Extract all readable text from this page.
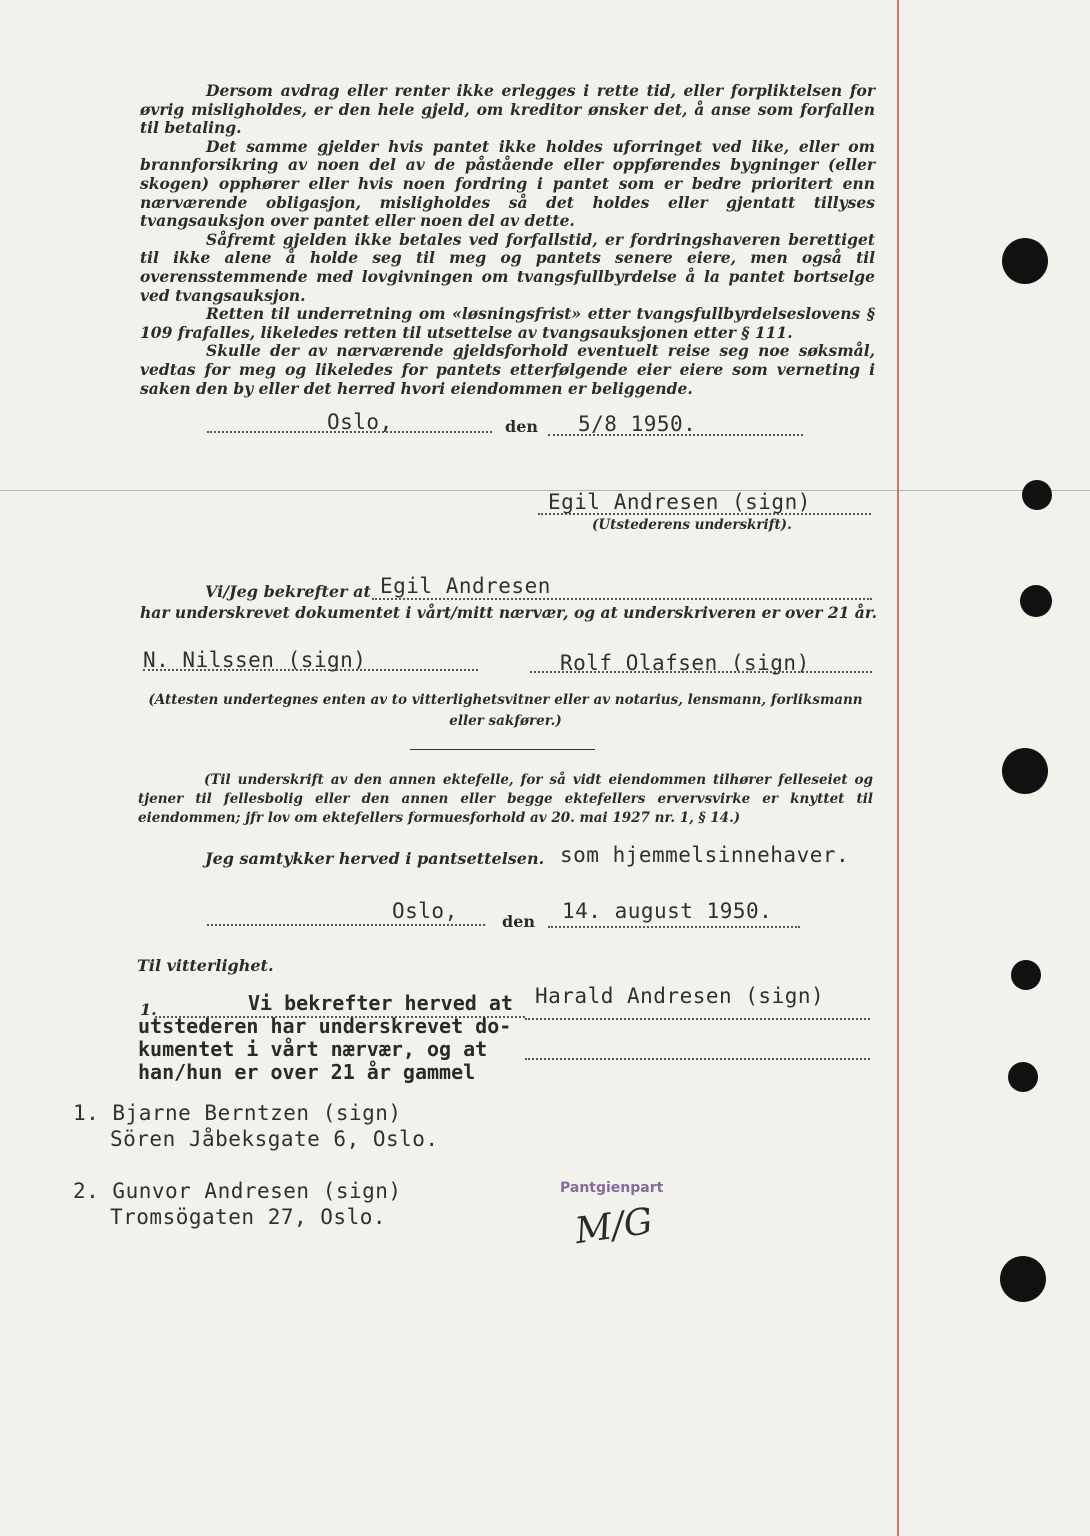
Dersom avdrag eller renter ikke erlegges i rette tid, eller forpliktelsen for øvrig misligholdes, er den hele gjeld, om kreditor ønsker det, å anse som forfallen til betaling.

Det samme gjelder hvis pantet ikke holdes uforringet ved like, eller om brannforsikring av noen del av de påstående eller oppførendes bygninger (eller skogen) opphører eller hvis noen fordring i pantet som er bedre prioritert enn nærværende obligasjon, misligholdes så det holdes eller gjentatt tillyses tvangsauksjon over pantet eller noen del av dette.

Såfremt gjelden ikke betales ved forfallstid, er fordringshaveren berettiget til ikke alene å holde seg til meg og pantets senere eiere, men også til overensstemmende med lovgivningen om tvangsfullbyrdelse å la pantet bortselge ved tvangsauksjon.

Retten til underretning om «løsningsfrist» etter tvangsfullbyrdelseslovens § 109 frafalles, likeledes retten til utsettelse av tvangsauksjonen etter § 111.

Skulle der av nærværende gjeldsforhold eventuelt reise seg noe søksmål, vedtas for meg og likeledes for pantets etterfølgende eier eiere som verneting i saken den by eller det herred hvori eiendommen er beliggende.

Oslo,	den 5/8 1950.
Egil Andresen (sign)
(Utstederens underskrift).
Vi/Jeg bekrefter at Egil Andresen
har underskrevet dokumentet i vårt/mitt nærvær, og at underskriveren er over 21 år.
N. Nilssen (sign)	Rolf Olafsen (sign)
(Attesten undertegnes enten av to vitterlighetsvitner eller av notarius, lensmann, forliksmann eller sakfører.)
(Til underskrift av den annen ektefelle, for så vidt eiendommen tilhører felleseiet og tjener til fellesbolig eller den annen eller begge ektefellers ervervsvirke er knyttet til eiendommen; jfr lov om ektefellers formuesforhold av 20. mai 1927 nr. 1, § 14.)
Jeg samtykker herved i pantsettelsen. som hjemmelsinnehaver.
Oslo,	den 14. august 1950.
Til vitterlighet.
1.	Vi bekrefter herved at
utstederen har underskrevet do-
kumentet i vårt nærvær, og at
han/hun er over 21 år gammel
Harald Andresen (sign)
1. Bjarne Berntzen (sign)
Sören Jåbeksgate 6, Oslo.
2. Gunvor Andresen (sign)
Tromsögaten 27, Oslo.
Pantgienpart
M/G
